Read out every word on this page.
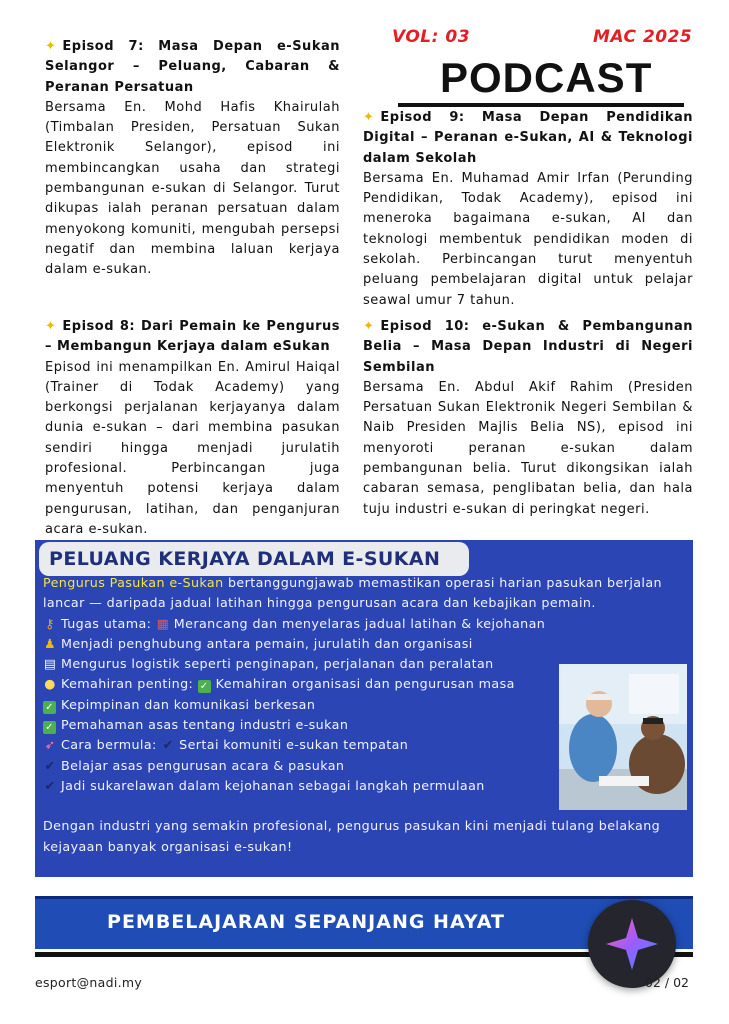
VOL: 03	MAC 2025
PODCAST

✦ Episod 7: Masa Depan e-Sukan Selangor – Peluang, Cabaran & Peranan Persatuan

Bersama En. Mohd Hafis Khairulah (Timbalan Presiden, Persatuan Sukan Elektronik Selangor), episod ini membincangkan usaha dan strategi pembangunan e-sukan di Selangor. Turut dikupas ialah peranan persatuan dalam menyokong komuniti, mengubah persepsi negatif dan membina laluan kerjaya dalam e-sukan.

✦ Episod 8: Dari Pemain ke Pengurus – Membangun Kerjaya dalam eSukan

Episod ini menampilkan En. Amirul Haiqal (Trainer di Todak Academy) yang berkongsi perjalanan kerjayanya dalam dunia e-sukan – dari membina pasukan sendiri hingga menjadi jurulatih profesional. Perbincangan juga menyentuh potensi kerjaya dalam pengurusan, latihan, dan penganjuran acara e-sukan.

✦ Episod 9: Masa Depan Pendidikan Digital – Peranan e-Sukan, AI & Teknologi dalam Sekolah

Bersama En. Muhamad Amir Irfan (Perunding Pendidikan, Todak Academy), episod ini meneroka bagaimana e-sukan, AI dan teknologi membentuk pendidikan moden di sekolah. Perbincangan turut menyentuh peluang pembelajaran digital untuk pelajar seawal umur 7 tahun.

✦ Episod 10: e-Sukan & Pembangunan Belia – Masa Depan Industri di Negeri Sembilan

Bersama En. Abdul Akif Rahim (Presiden Persatuan Sukan Elektronik Negeri Sembilan & Naib Presiden Majlis Belia NS), episod ini menyoroti peranan e-sukan dalam pembangunan belia. Turut dikongsikan ialah cabaran semasa, penglibatan belia, dan hala tuju industri e-sukan di peringkat negeri.

PELUANG KERJAYA DALAM E-SUKAN

Pengurus Pasukan e-Sukan bertanggungjawab memastikan operasi harian pasukan berjalan lancar — daripada jadual latihan hingga pengurusan acara dan kebajikan pemain.

⚷ Tugas utama: ▦ Merancang dan menyelaras jadual latihan & kejohanan

♟ Menjadi penghubung antara pemain, jurulatih dan organisasi

▤ Mengurus logistik seperti penginapan, perjalanan dan peralatan

● Kemahiran penting: ✓ Kemahiran organisasi dan pengurusan masa

✓ Kepimpinan dan komunikasi berkesan

✓ Pemahaman asas tentang industri e-sukan

➶ Cara bermula: ✔ Sertai komuniti e-sukan tempatan

✔ Belajar asas pengurusan acara & pasukan

✔ Jadi sukarelawan dalam kejohanan sebagai langkah permulaan

Dengan industri yang semakin profesional, pengurus pasukan kini menjadi tulang belakang kejayaan banyak organisasi e-sukan!

PEMBELAJARAN SEPANJANG HAYAT
esport@nadi.my	02 / 02
